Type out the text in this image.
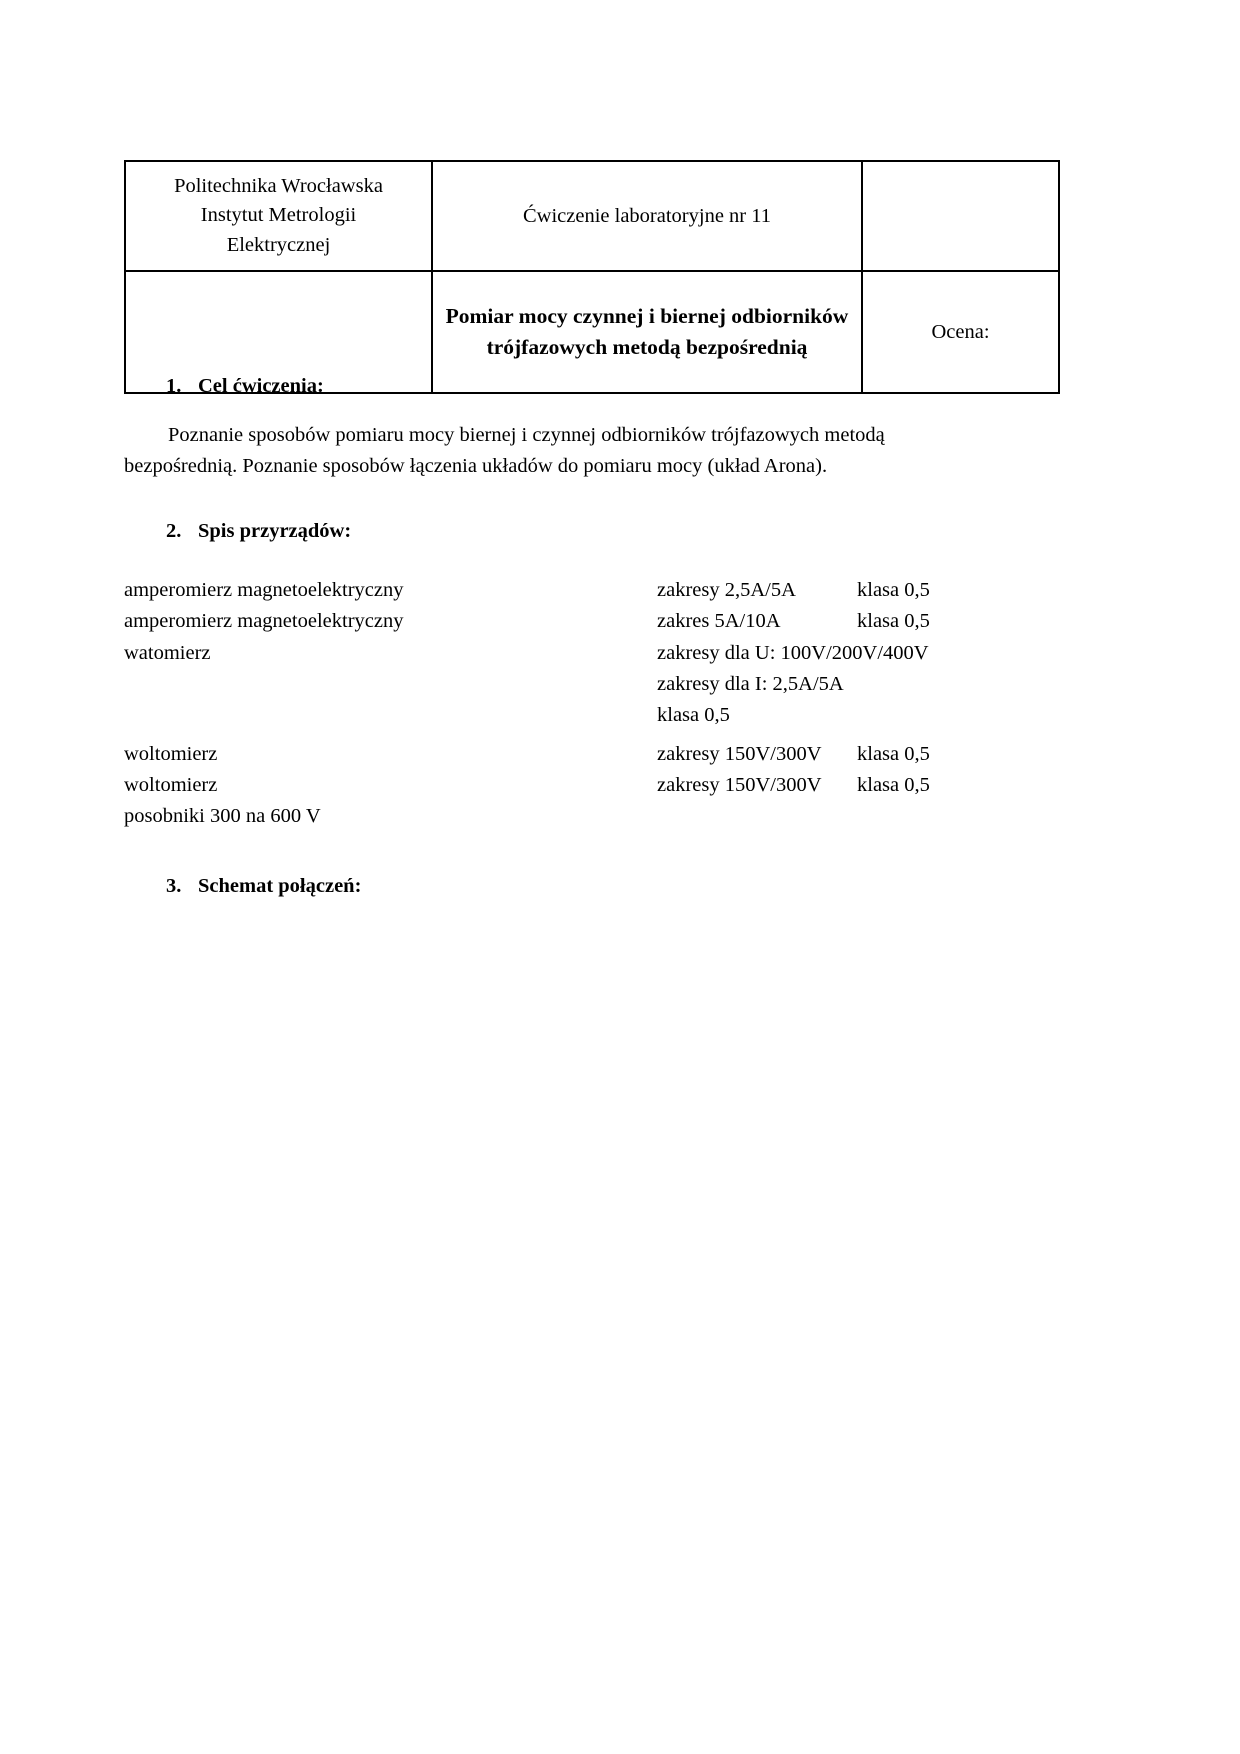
Politechnika Wrocławska
Instytut Metrologii
Elektrycznej	Ćwiczenie laboratoryjne nr 11	
	Pomiar mocy czynnej i biernej odbiorników trójfazowych metodą bezpośrednią	Ocena:
1. Cel ćwiczenia:

Poznanie sposobów pomiaru mocy biernej i czynnej odbiorników trójfazowych metodą bezpośrednią. Poznanie sposobów łączenia układów do pomiaru mocy (układ Arona).

2. Spis przyrządów:
amperomierz magnetoelektryczny	zakresy 2,5A/5A	klasa 0,5
amperomierz magnetoelektryczny	zakres 5A/10A	klasa 0,5
watomierz	zakresy dla U: 100V/200V/400V
zakresy dla I: 2,5A/5A
klasa 0,5
woltomierz	zakresy 150V/300V	klasa 0,5
woltomierz	zakresy 150V/300V	klasa 0,5
posobniki 300 na 600 V
3. Schemat połączeń:
